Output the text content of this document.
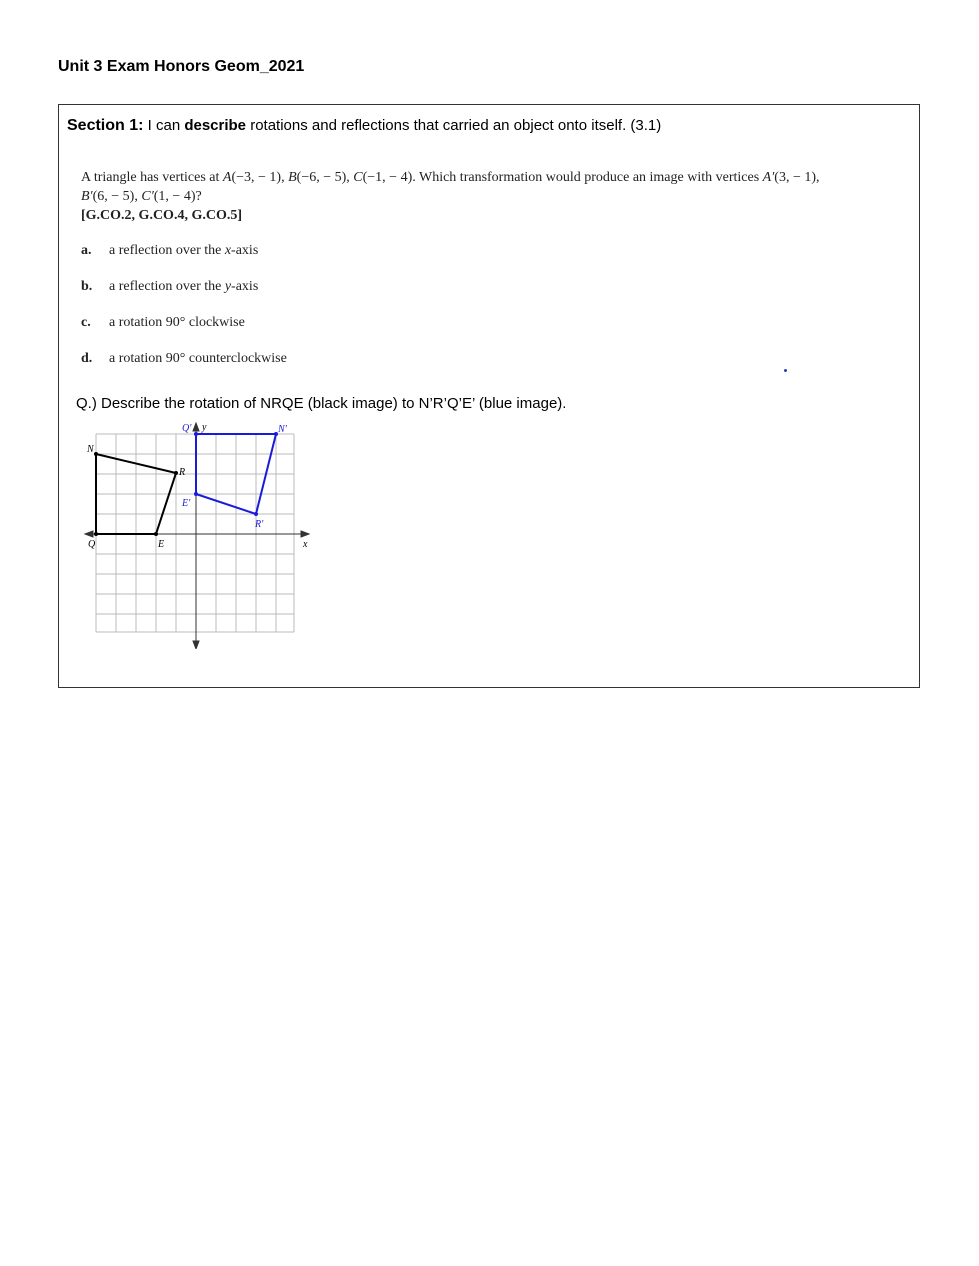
Unit 3 Exam Honors Geom_2021
Section 1: I can describe rotations and reflections that carried an object onto itself. (3.1)
A triangle has vertices at A(−3, − 1), B(−6, − 5), C(−1, − 4). Which transformation would produce an image with vertices A′(3, − 1), B′(6, − 5), C′(1, − 4)?
[G.CO.2, G.CO.4, G.CO.5]
a. a reflection over the x-axis
b. a reflection over the y-axis
c. a rotation 90° clockwise
d. a rotation 90° counterclockwise
Q.) Describe the rotation of NRQE (black image) to N’R’Q’E’ (blue image).
x
y
N
R
Q	E
Q'	N'
E'
R'
